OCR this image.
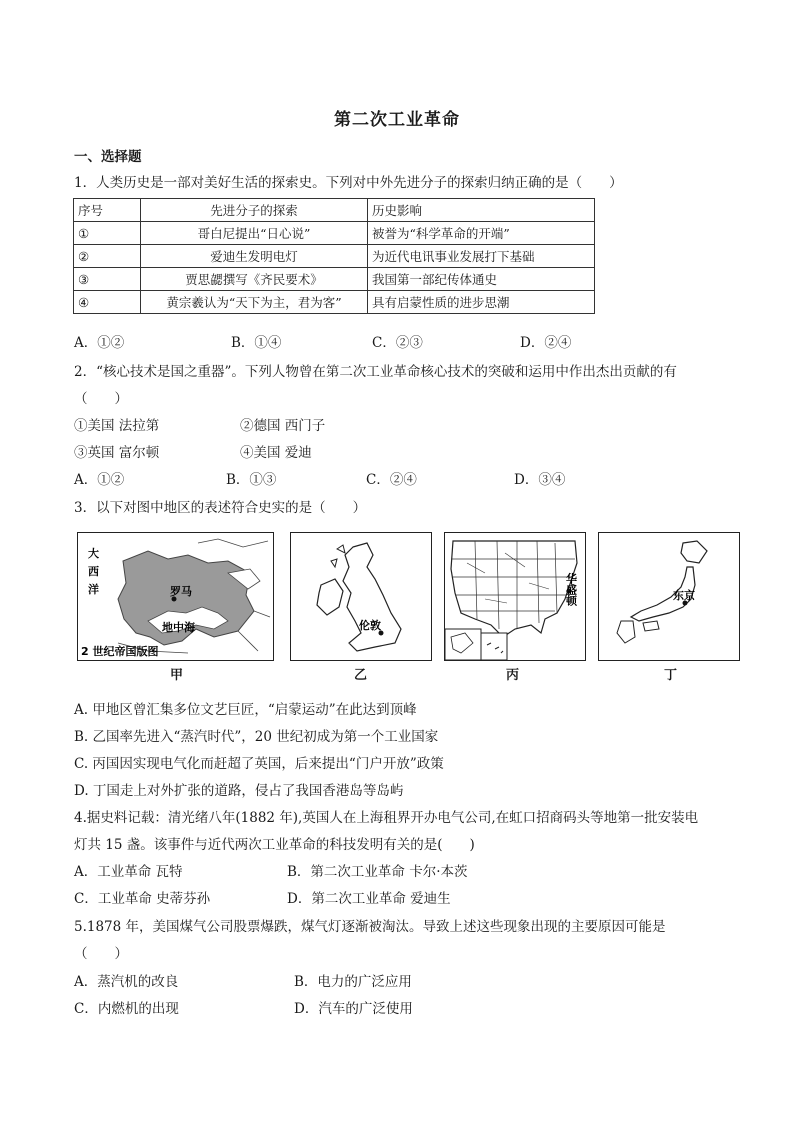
第二次工业革命
一、选择题
1．人类历史是一部对美好生活的探索史。下列对中外先进分子的探索归纳正确的是（　　）
序号	先进分子的探索	历史影响
①	哥白尼提出“日心说”	被誉为“科学革命的开端”
②	爱迪生发明电灯	为近代电讯事业发展打下基础
③	贾思勰撰写《齐民要术》	我国第一部纪传体通史
④	黄宗羲认为“天下为主，君为客”	具有启蒙性质的进步思潮
A．①②	B．①④	C．②③	D．②④
2．“核心技术是国之重器”。下列人物曾在第二次工业革命核心技术的突破和运用中作出杰出贡献的有
（　　）
①美国 法拉第	②德国 西门子
③英国 富尔顿	④美国 爱迪
A．①②	B．①③	C．②④	D．③④
3．以下对图中地区的表述符合史实的是（　　）
大
西
洋	罗马
地中海
2 世纪帝国版图
甲
伦敦
乙
华盛顿
丙
东京
丁
A. 甲地区曾汇集多位文艺巨匠，“启蒙运动”在此达到顶峰
B. 乙国率先进入“蒸汽时代”，20 世纪初成为第一个工业国家
C. 丙国因实现电气化而赶超了英国，后来提出“门户开放”政策
D. 丁国走上对外扩张的道路，侵占了我国香港岛等岛屿
4.据史料记载：清光绪八年(1882 年),英国人在上海租界开办电气公司,在虹口招商码头等地第一批安装电
灯共 15 盏。该事件与近代两次工业革命的科技发明有关的是(　　)
A．工业革命 瓦特	B．第二次工业革命 卡尔·本茨
C．工业革命 史蒂芬孙	D．第二次工业革命 爱迪生
5.1878 年，美国煤气公司股票爆跌，煤气灯逐渐被淘汰。导致上述这些现象出现的主要原因可能是
（　　）
A．蒸汽机的改良	B．电力的广泛应用
C．内燃机的出现	D．汽车的广泛使用
